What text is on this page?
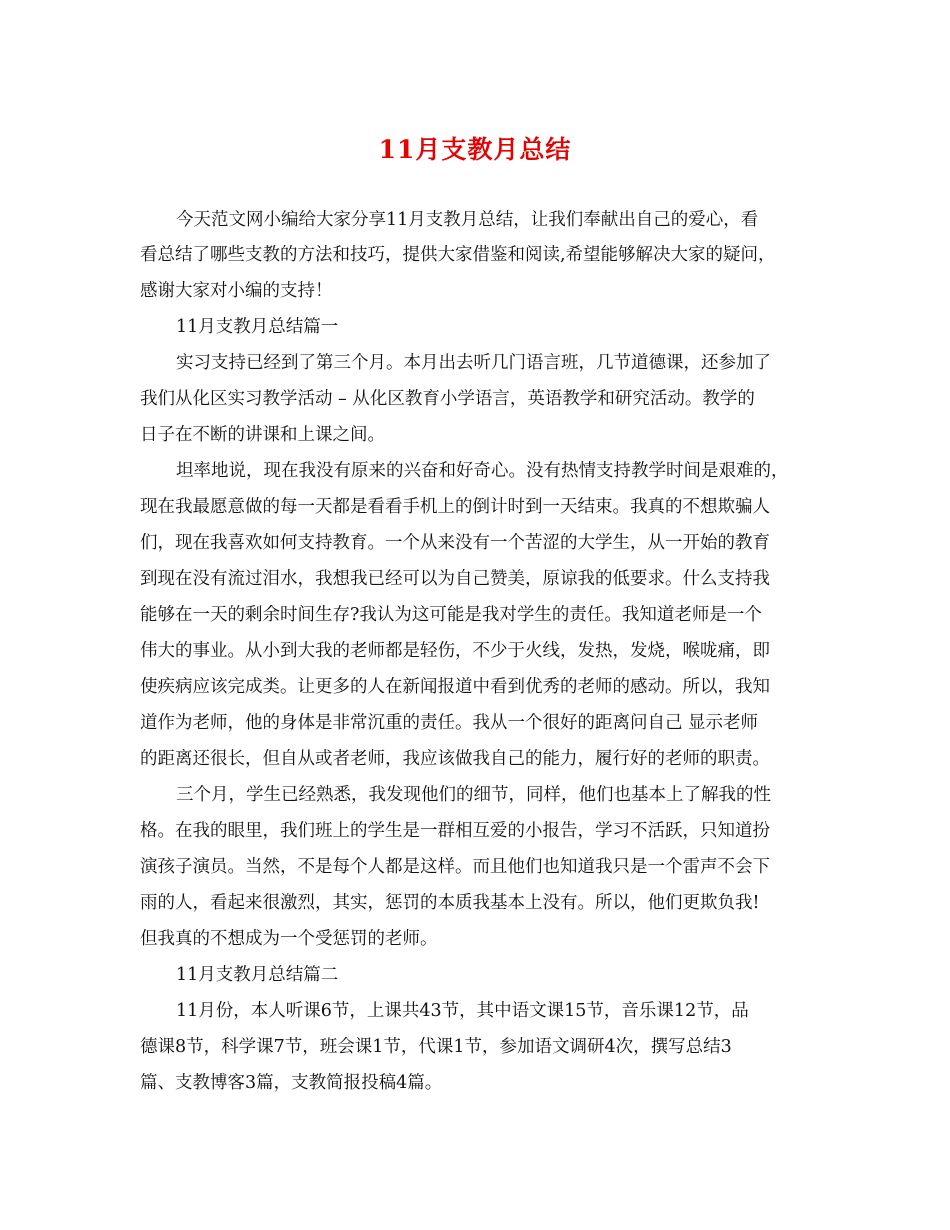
11月支教月总结
今天范文网小编给大家分享11月支教月总结，让我们奉献出自己的爱心，看
看总结了哪些支教的方法和技巧，提供大家借鉴和阅读,希望能够解决大家的疑问，
感谢大家对小编的支持！
11月支教月总结篇一
实习支持已经到了第三个月。本月出去听几门语言班，几节道德课，还参加了
我们从化区实习教学活动 – 从化区教育小学语言，英语教学和研究活动。教学的
日子在不断的讲课和上课之间。
坦率地说，现在我没有原来的兴奋和好奇心。没有热情支持教学时间是艰难的，
现在我最愿意做的每一天都是看看手机上的倒计时到一天结束。我真的不想欺骗人
们，现在我喜欢如何支持教育。一个从来没有一个苦涩的大学生，从一开始的教育
到现在没有流过泪水，我想我已经可以为自己赞美，原谅我的低要求。什么支持我
能够在一天的剩余时间生存?我认为这可能是我对学生的责任。我知道老师是一个
伟大的事业。从小到大我的老师都是轻伤，不少于火线，发热，发烧，喉咙痛，即
使疾病应该完成类。让更多的人在新闻报道中看到优秀的老师的感动。所以，我知
道作为老师，他的身体是非常沉重的责任。我从一个很好的距离问自己 显示老师
的距离还很长，但自从或者老师，我应该做我自己的能力，履行好的老师的职责。
三个月，学生已经熟悉，我发现他们的细节，同样，他们也基本上了解我的性
格。在我的眼里，我们班上的学生是一群相互爱的小报告，学习不活跃，只知道扮
演孩子演员。当然，不是每个人都是这样。而且他们也知道我只是一个雷声不会下
雨的人，看起来很激烈，其实，惩罚的本质我基本上没有。所以，他们更欺负我!
但我真的不想成为一个受惩罚的老师。
11月支教月总结篇二
11月份，本人听课6节，上课共43节，其中语文课15节，音乐课12节，品
德课8节，科学课7节，班会课1节，代课1节，参加语文调研4次，撰写总结3
篇、支教博客3篇，支教简报投稿4篇。
